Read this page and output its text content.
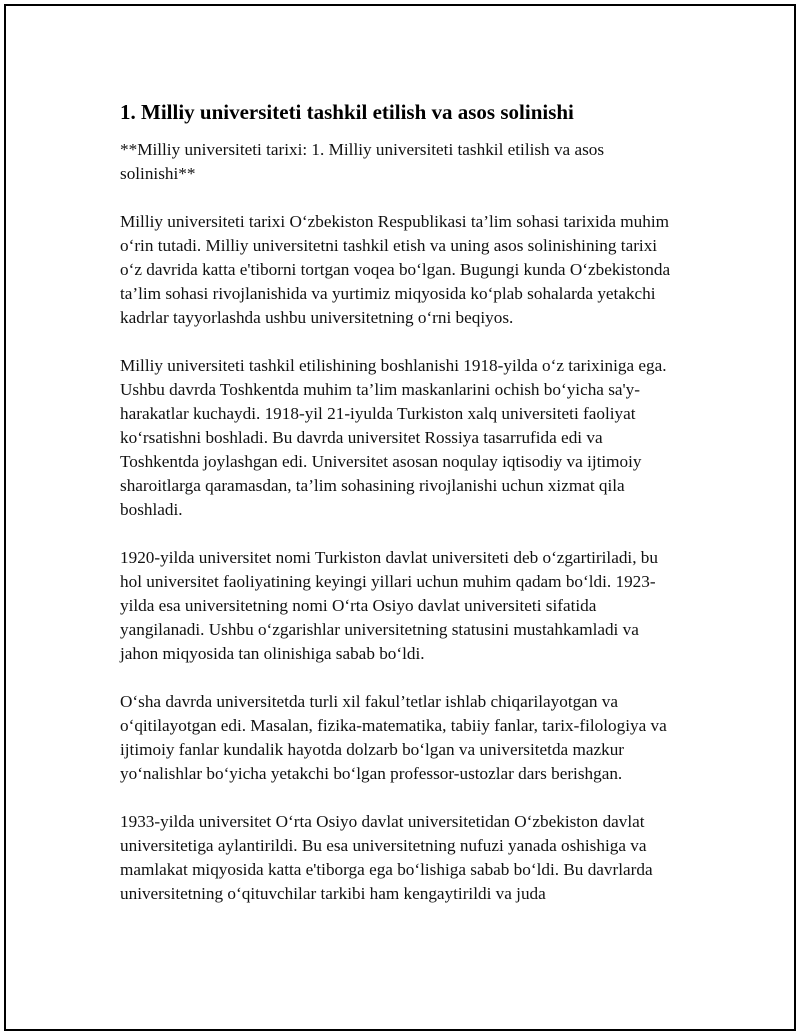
1. Milliy universiteti tashkil etilish va asos solinishi

**Milliy universiteti tarixi: 1. Milliy universiteti tashkil etilish va asos solinishi**

Milliy universiteti tarixi O‘zbekiston Respublikasi ta’lim sohasi tarixida muhim o‘rin tutadi. Milliy universitetni tashkil etish va uning asos solinishining tarixi o‘z davrida katta e'tiborni tortgan voqea bo‘lgan. Bugungi kunda O‘zbekistonda ta’lim sohasi rivojlanishida va yurtimiz miqyosida ko‘plab sohalarda yetakchi kadrlar tayyorlashda ushbu universitetning o‘rni beqiyos.

Milliy universiteti tashkil etilishining boshlanishi 1918-yilda o‘z tarixiniga ega. Ushbu davrda Toshkentda muhim ta’lim maskanlarini ochish bo‘yicha sa'y-harakatlar kuchaydi. 1918-yil 21-iyulda Turkiston xalq universiteti faoliyat ko‘rsatishni boshladi. Bu davrda universitet Rossiya tasarrufida edi va Toshkentda joylashgan edi. Universitet asosan noqulay iqtisodiy va ijtimoiy sharoitlarga qaramasdan, ta’lim sohasining rivojlanishi uchun xizmat qila boshladi.

1920-yilda universitet nomi Turkiston davlat universiteti deb o‘zgartiriladi, bu hol universitet faoliyatining keyingi yillari uchun muhim qadam bo‘ldi. 1923-yilda esa universitetning nomi O‘rta Osiyo davlat universiteti sifatida yangilanadi. Ushbu o‘zgarishlar universitetning statusini mustahkamladi va jahon miqyosida tan olinishiga sabab bo‘ldi.

O‘sha davrda universitetda turli xil fakul’tetlar ishlab chiqarilayotgan va o‘qitilayotgan edi. Masalan, fizika-matematika, tabiiy fanlar, tarix-filologiya va ijtimoiy fanlar kundalik hayotda dolzarb bo‘lgan va universitetda mazkur yo‘nalishlar bo‘yicha yetakchi bo‘lgan professor-ustozlar dars berishgan.

1933-yilda universitet O‘rta Osiyo davlat universitetidan O‘zbekiston davlat universitetiga aylantirildi. Bu esa universitetning nufuzi yanada oshishiga va mamlakat miqyosida katta e'tiborga ega bo‘lishiga sabab bo‘ldi. Bu davrlarda universitetning o‘qituvchilar tarkibi ham kengaytirildi va juda
